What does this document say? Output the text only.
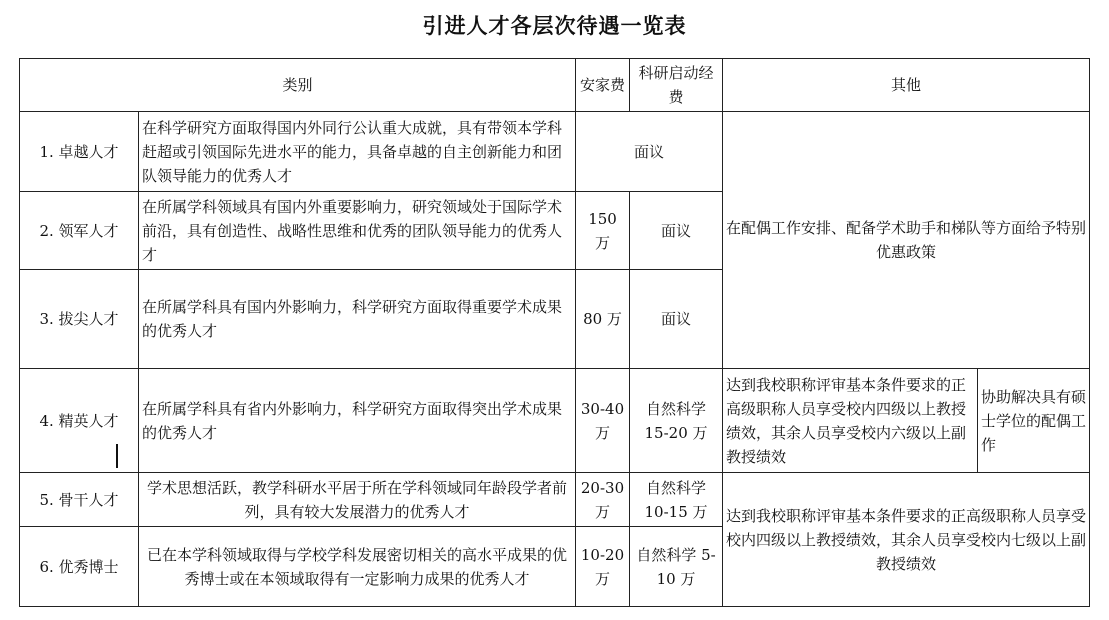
引进人才各层次待遇一览表
类别		安家费	科研启动经费	其他	
1. 卓越人才	在科学研究方面取得国内外同行公认重大成就，具有带领本学科赶超或引领国际先进水平的能力，具备卓越的自主创新能力和团队领导能力的优秀人才	面议		在配偶工作安排、配备学术助手和梯队等方面给予特别优惠政策	
2. 领军人才	在所属学科领域具有国内外重要影响力，研究领域处于国际学术前沿，具有创造性、战略性思维和优秀的团队领导能力的优秀人才	150 万	面议		
3. 拔尖人才	在所属学科具有国内外影响力，科学研究方面取得重要学术成果的优秀人才	80 万	面议		
4. 精英人才	在所属学科具有省内外影响力，科学研究方面取得突出学术成果的优秀人才	30-40 万	自然科学 15-20 万	达到我校职称评审基本条件要求的正高级职称人员享受校内四级以上教授绩效，其余人员享受校内六级以上副教授绩效	协助解决具有硕士学位的配偶工作
5. 骨干人才	学术思想活跃，教学科研水平居于所在学科领域同年龄段学者前列，具有较大发展潜力的优秀人才	20-30 万	自然科学 10-15 万	达到我校职称评审基本条件要求的正高级职称人员享受校内四级以上教授绩效，其余人员享受校内七级以上副教授绩效	
6. 优秀博士	已在本学科领域取得与学校学科发展密切相关的高水平成果的优秀博士或在本领域取得有一定影响力成果的优秀人才	10-20 万	自然科学 5-10 万		
